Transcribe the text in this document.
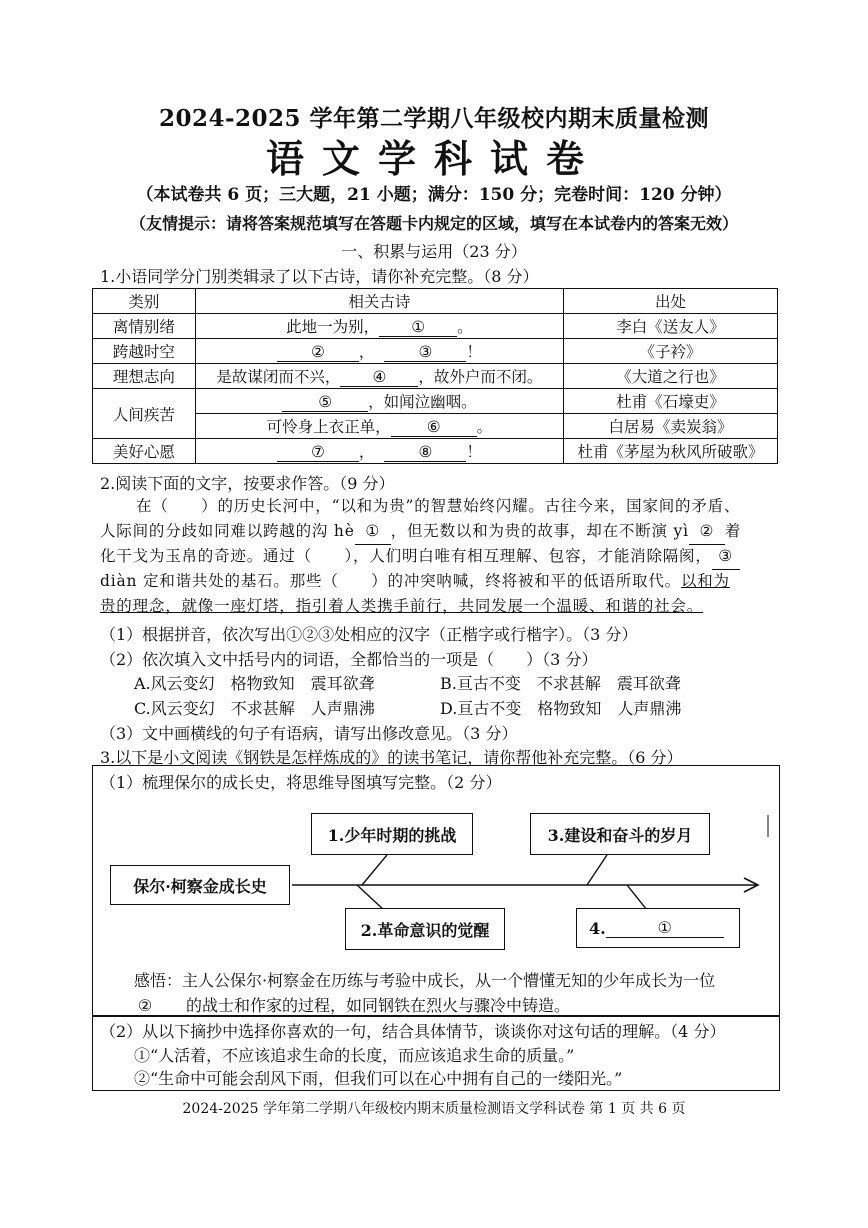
2024-2025 学年第二学期八年级校内期末质量检测
语文学科试卷
（本试卷共 6 页；三大题，21 小题；满分：150 分；完卷时间：120 分钟）
（友情提示：请将答案规范填写在答题卡内规定的区域，填写在本试卷内的答案无效）
一、积累与运用（23 分）
1.小语同学分门别类辑录了以下古诗，请你补充完整。（8 分）
类别	相关古诗	出处
离情别绪	此地一为别， ① 。	李白《送友人》
跨越时空	② ， ③ ！	《子衿》
理想志向	是故谋闭而不兴， ④ ，故外户而不闭。	《大道之行也》
人间疾苦	⑤ ，如闻泣幽咽。	杜甫《石壕吏》
	可怜身上衣正单， ⑥ 。	白居易《卖炭翁》
美好心愿	⑦ ， ⑧ ！	杜甫《茅屋为秋风所破歌》
2.阅读下面的文字，按要求作答。（9 分）
在（　　）的历史长河中，“以和为贵”的智慧始终闪耀。古往今来，国家间的矛盾、
人际间的分歧如同难以跨越的沟 hè ① ，但无数以和为贵的故事，却在不断演 yì ② 着
化干戈为玉帛的奇迹。通过（　　），人们明白唯有相互理解、包容，才能消除隔阂， ③
diàn 定和谐共处的基石。那些（　　）的冲突呐喊，终将被和平的低语所取代。以和为
贵的理念，就像一座灯塔，指引着人类携手前行，共同发展一个温暖、和谐的社会。
（1）根据拼音，依次写出①②③处相应的汉字（正楷字或行楷字）。（3 分）
（2）依次填入文中括号内的词语，全都恰当的一项是（　　）（3 分）
A.风云变幻　格物致知　震耳欲聋	B.亘古不变　不求甚解　震耳欲聋
C.风云变幻　不求甚解　人声鼎沸	D.亘古不变　格物致知　人声鼎沸
（3）文中画横线的句子有语病，请写出修改意见。（3 分）
3.以下是小文阅读《钢铁是怎样炼成的》的读书笔记，请你帮他补充完整。（6 分）
（1）梳理保尔的成长史，将思维导图填写完整。（2 分）
保尔·柯察金成长史
1.少年时期的挑战
2.革命意识的觉醒
3.建设和奋斗的岁月
4.	①
感悟：主人公保尔·柯察金在历练与考验中成长，从一个懵懂无知的少年成长为一位
② 的战士和作家的过程，如同钢铁在烈火与骤冷中铸造。
（2）从以下摘抄中选择你喜欢的一句，结合具体情节，谈谈你对这句话的理解。（4 分）
①“人活着，不应该追求生命的长度，而应该追求生命的质量。”
②“生命中可能会刮风下雨，但我们可以在心中拥有自己的一缕阳光。”
2024-2025 学年第二学期八年级校内期末质量检测语文学科试卷 第 1 页 共 6 页
